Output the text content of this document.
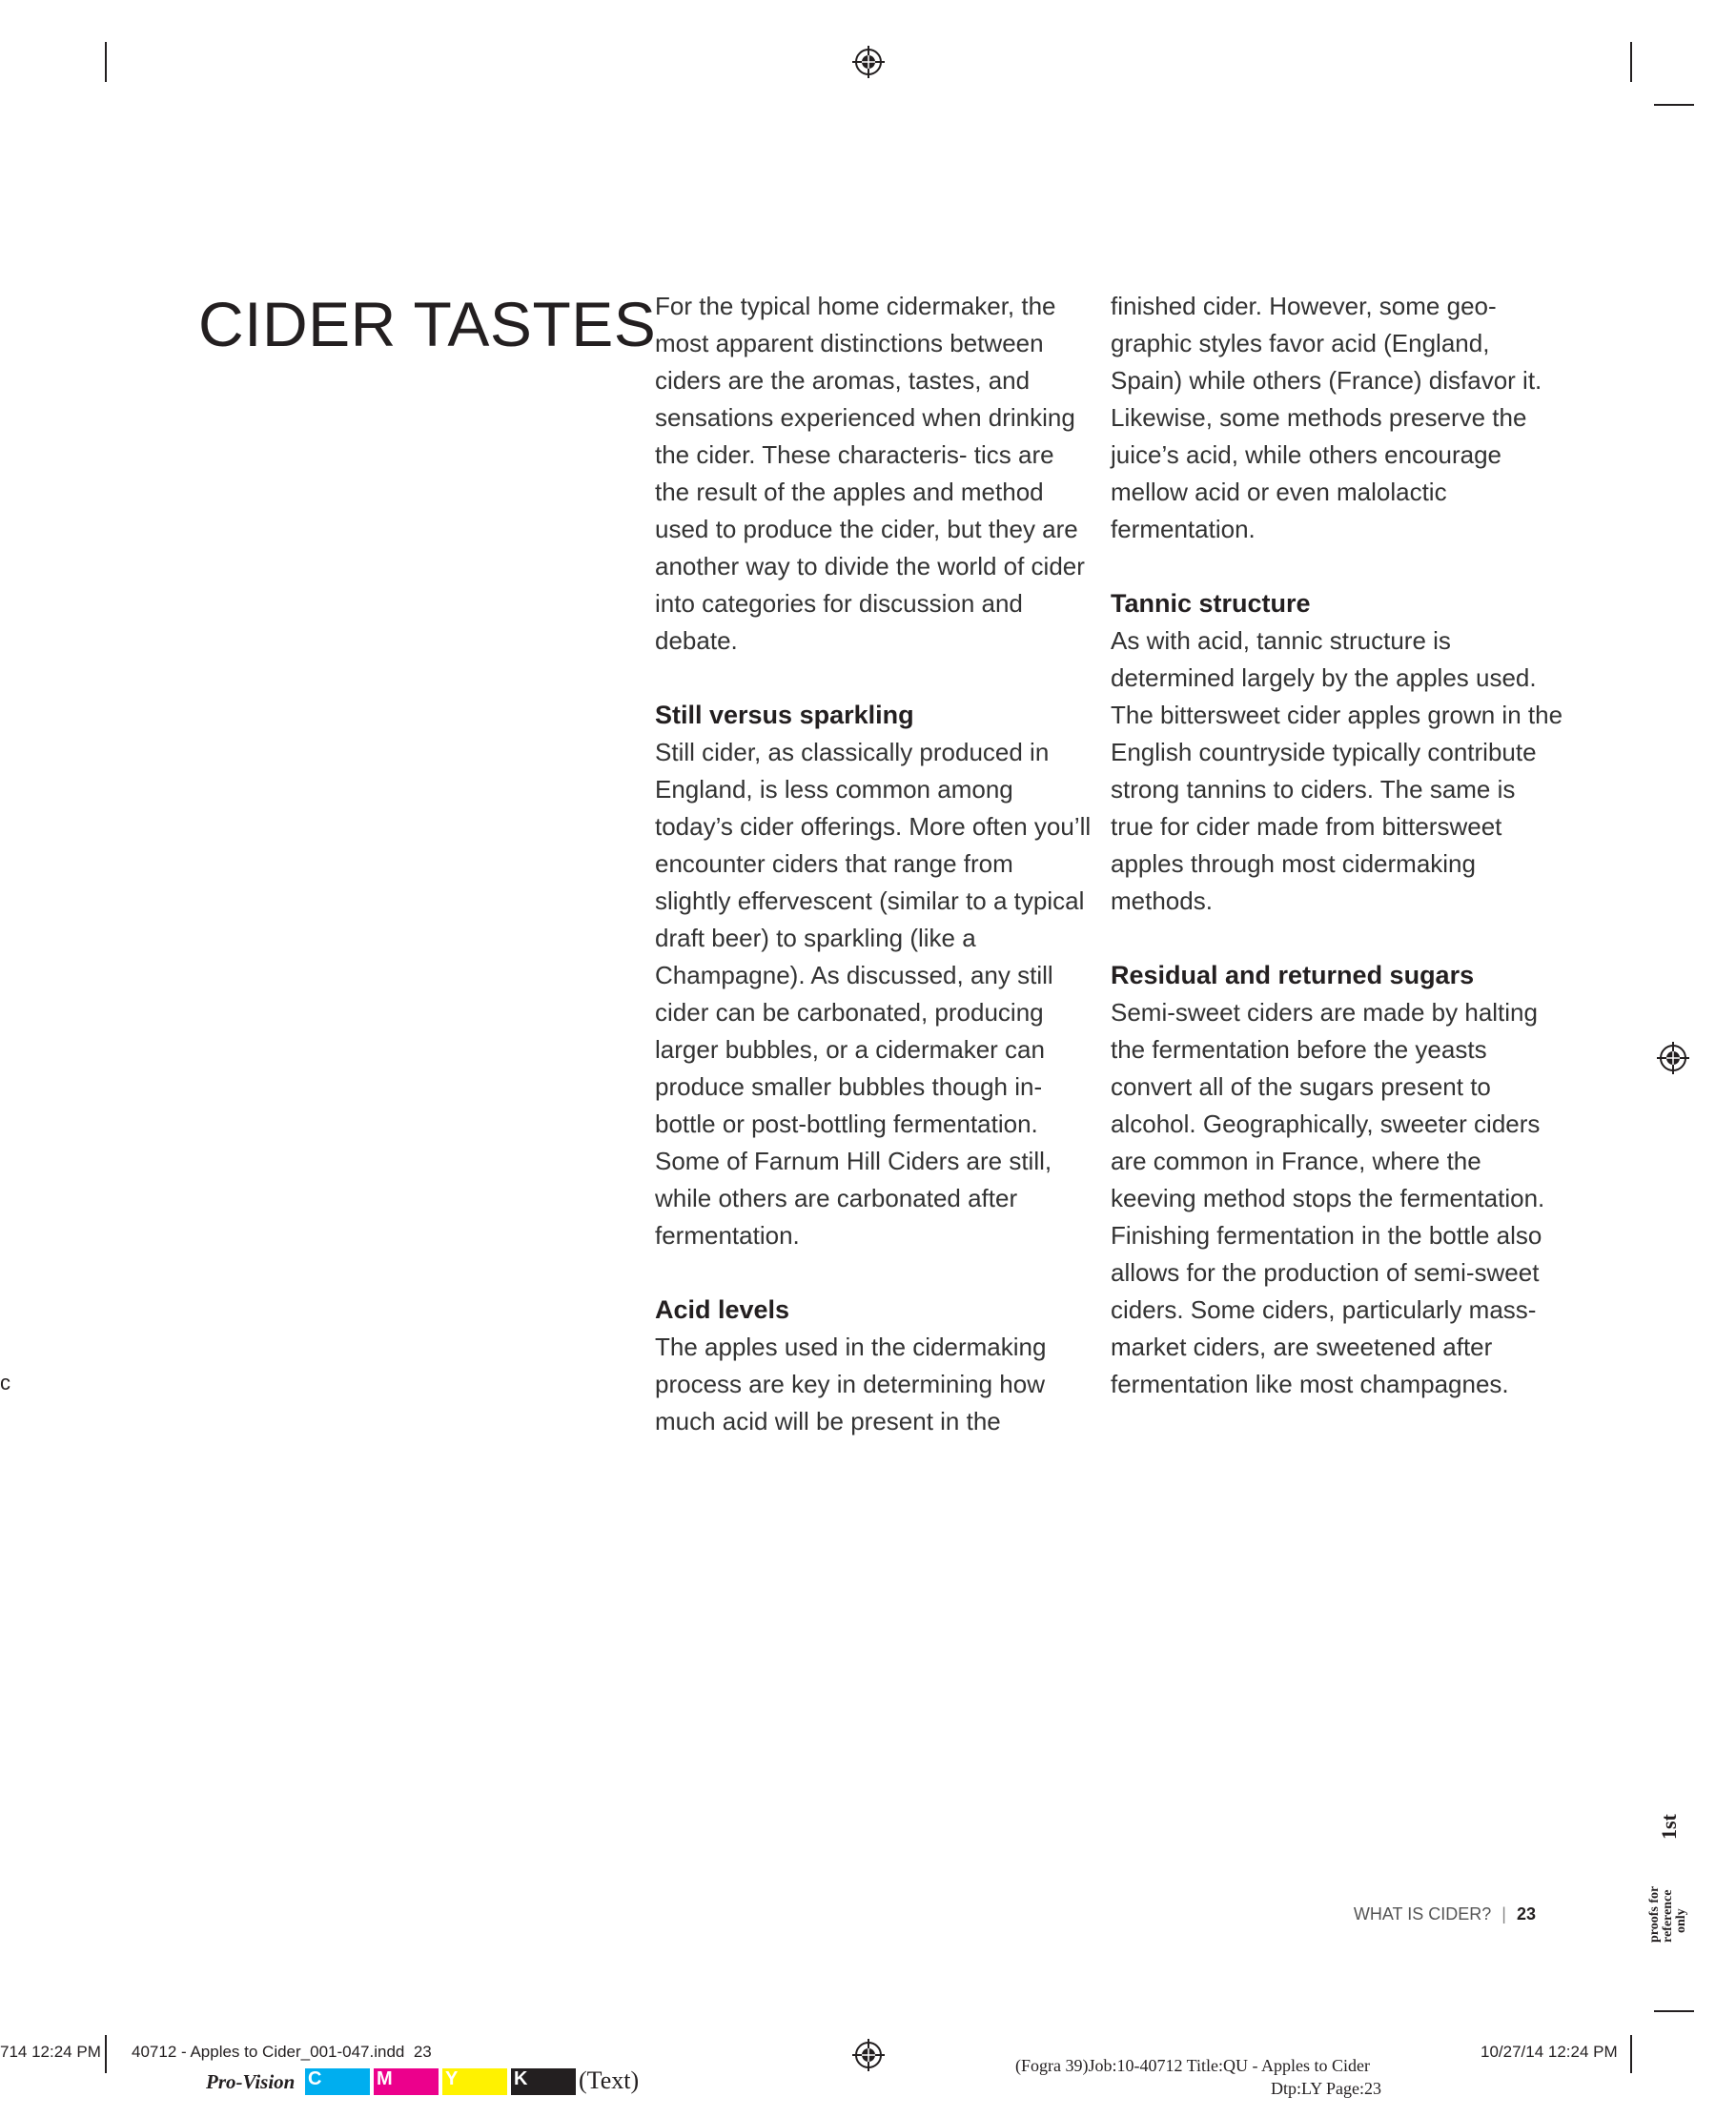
c
CIDER TASTES

For the typical home cidermaker, the most apparent distinctions between ciders are the aromas, tastes, and sensations experienced when drinking the cider. These characteris- tics are the result of the apples and method used to produce the cider, but they are another way to divide the world of cider into categories for discussion and debate.

Still versus sparkling

Still cider, as classically produced in England, is less common among today’s cider offerings. More often you’ll encounter ciders that range from slightly effervescent (similar to a typical draft beer) to sparkling (like a Champagne). As discussed, any still cider can be carbonated, producing larger bubbles, or a cidermaker can produce smaller bubbles though in-bottle or post-bottling fermentation. Some of Farnum Hill Ciders are still, while others are carbonated after fermentation.

Acid levels

The apples used in the cidermaking process are key in determining how much acid will be present in the

finished cider. However, some geo- graphic styles favor acid (England, Spain) while others (France) disfavor it. Likewise, some methods preserve the juice’s acid, while others encourage mellow acid or even malolactic fermentation.

Tannic structure

As with acid, tannic structure is determined largely by the apples used. The bittersweet cider apples grown in the English countryside typically contribute strong tannins to ciders. The same is true for cider made from bittersweet apples through most cidermaking methods.

Residual and returned sugars

Semi-sweet ciders are made by halting the fermentation before the yeasts convert all of the sugars present to alcohol. Geographically, sweeter ciders are common in France, where the keeving method stops the fermentation. Finishing fermentation in the bottle also allows for the production of semi-sweet ciders. Some ciders, particularly mass- market ciders, are sweetened after fermentation like most champagnes.

WHAT IS CIDER? | 23
1st
proofs for reference only
714 12:24 PM 40712 - Apples to Cider_001-047.indd 23
Pro-Vision C	M	Y	K	(Text)
(Fogra 39)Job:10-40712 Title:QU - Apples to Cider
Dtp:LY Page:23
10/27/14 12:24 PM
